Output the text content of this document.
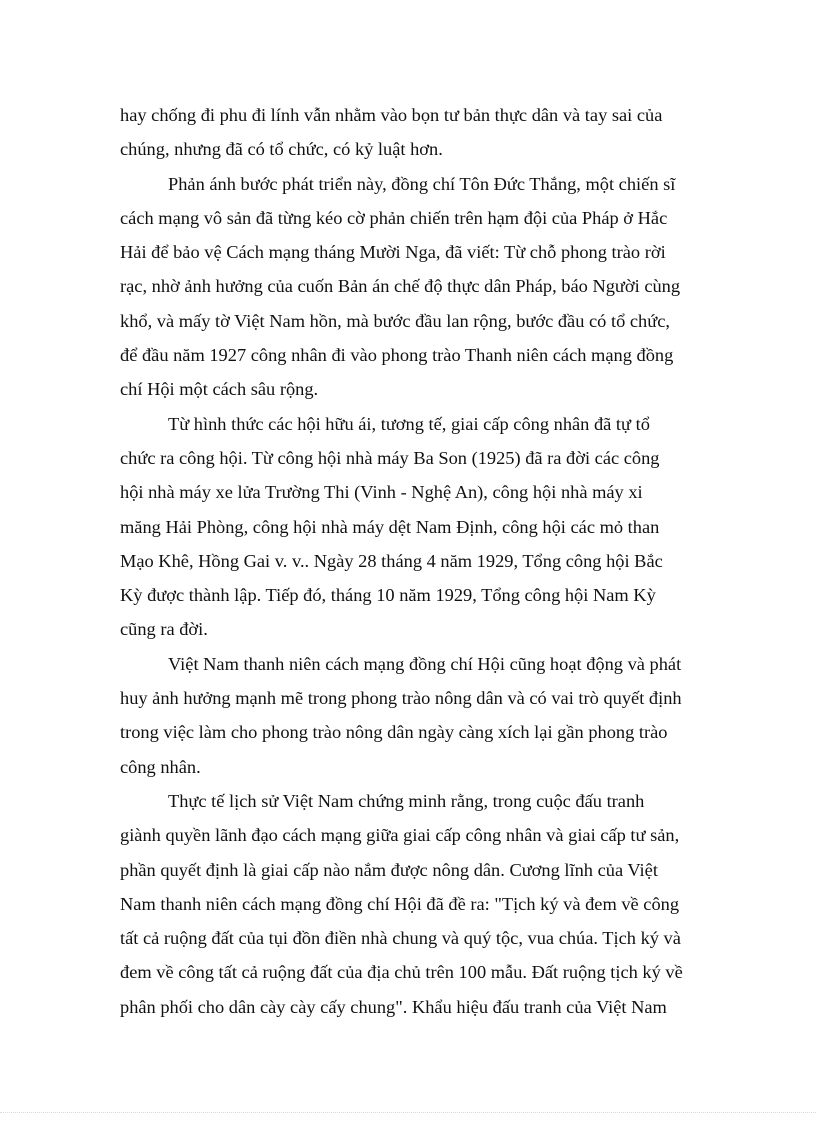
hay chống đi phu đi lính vẫn nhằm vào bọn tư bản thực dân và tay sai của
chúng, nhưng đã có tổ chức, có kỷ luật hơn.
Phản ánh bước phát triển này, đồng chí Tôn Đức Thắng, một chiến sĩ
cách mạng vô sản đã từng kéo cờ phản chiến trên hạm đội của Pháp ở Hắc
Hải để bảo vệ Cách mạng tháng Mười Nga, đã viết: Từ chỗ phong trào rời
rạc, nhờ ảnh hưởng của cuốn Bản án chế độ thực dân Pháp, báo Người cùng
khổ, và mấy tờ Việt Nam hồn, mà bước đầu lan rộng, bước đầu có tổ chức,
để đầu năm 1927 công nhân đi vào phong trào Thanh niên cách mạng đồng
chí Hội một cách sâu rộng.
Từ hình thức các hội hữu ái, tương tế, giai cấp công nhân đã tự tổ
chức ra công hội. Từ công hội nhà máy Ba Son (1925) đã ra đời các công
hội nhà máy xe lửa Trường Thi (Vinh - Nghệ An), công hội nhà máy xi
măng Hải Phòng, công hội nhà máy dệt Nam Định, công hội các mỏ than
Mạo Khê, Hồng Gai v. v.. Ngày 28 tháng 4 năm 1929, Tổng công hội Bắc
Kỳ được thành lập. Tiếp đó, tháng 10 năm 1929, Tổng công hội Nam Kỳ
cũng ra đời.
Việt Nam thanh niên cách mạng đồng chí Hội cũng hoạt động và phát
huy ảnh hưởng mạnh mẽ trong phong trào nông dân và có vai trò quyết định
trong việc làm cho phong trào nông dân ngày càng xích lại gần phong trào
công nhân.
Thực tế lịch sử Việt Nam chứng minh rằng, trong cuộc đấu tranh
giành quyền lãnh đạo cách mạng giữa giai cấp công nhân và giai cấp tư sản,
phần quyết định là giai cấp nào nắm được nông dân. Cương lĩnh của Việt
Nam thanh niên cách mạng đồng chí Hội đã đề ra: "Tịch ký và đem về công
tất cả ruộng đất của tụi đồn điền nhà chung và quý tộc, vua chúa. Tịch ký và
đem về công tất cả ruộng đất của địa chủ trên 100 mẫu. Đất ruộng tịch ký về
phân phối cho dân cày cày cấy chung". Khẩu hiệu đấu tranh của Việt Nam
